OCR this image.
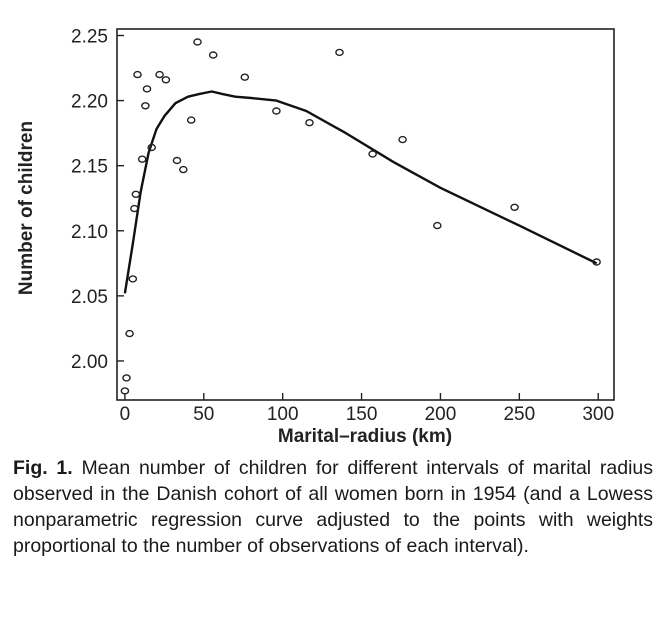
0	50	100 150 200 250 300
2.00
2.05
2.10
2.15
2.20
2.25
Marital–radius (km)
Number of children

Fig. 1. Mean number of children for different intervals of marital radius observed in the Danish cohort of all women born in 1954 (and a Lowess nonparametric regression curve adjusted to the points with weights proportional to the number of observations of each interval).
